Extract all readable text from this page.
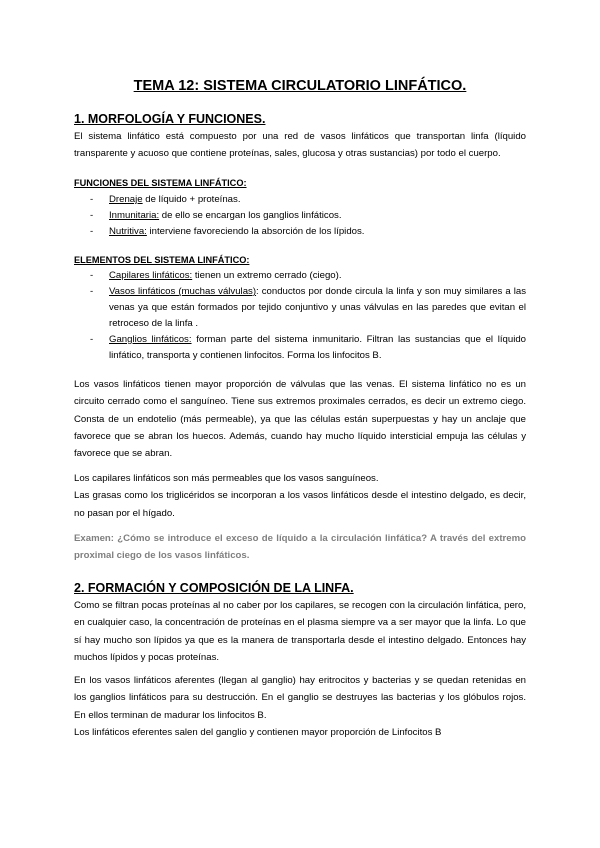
TEMA 12: SISTEMA CIRCULATORIO LINFÁTICO.
1. MORFOLOGÍA Y FUNCIONES.
El sistema linfático está compuesto por una red de vasos linfáticos que transportan linfa (líquido transparente y acuoso que contiene proteínas, sales, glucosa y otras sustancias) por todo el cuerpo.
FUNCIONES DEL SISTEMA LINFÁTICO:
- Drenaje de líquido + proteínas.
- Inmunitaria: de ello se encargan los ganglios linfáticos.
- Nutritiva: interviene favoreciendo la absorción de los lípidos.
ELEMENTOS DEL SISTEMA LINFÁTICO:
- Capilares linfáticos: tienen un extremo cerrado (ciego).
- Vasos linfáticos (muchas válvulas): conductos por donde circula la linfa y son muy similares a las venas ya que están formados por tejido conjuntivo y unas válvulas en las paredes que evitan el retroceso de la linfa .
- Ganglios linfáticos: forman parte del sistema inmunitario. Filtran las sustancias que el líquido linfático, transporta y contienen linfocitos. Forma los linfocitos B.
Los vasos linfáticos tienen mayor proporción de válvulas que las venas. El sistema linfático no es un circuito cerrado como el sanguíneo. Tiene sus extremos proximales cerrados, es decir un extremo ciego. Consta de un endotelio (más permeable), ya que las células están superpuestas y hay un anclaje que favorece que se abran los huecos. Además, cuando hay mucho líquido intersticial empuja las células y favorece que se abran.
Los capilares linfáticos son más permeables que los vasos sanguíneos.
Las grasas como los triglicéridos se incorporan a los vasos linfáticos desde el intestino delgado, es decir, no pasan por el hígado.
Examen: ¿Cómo se introduce el exceso de líquido a la circulación linfática? A través del extremo proximal ciego de los vasos linfáticos.
2. FORMACIÓN Y COMPOSICIÓN DE LA LINFA.
Como se filtran pocas proteínas al no caber por los capilares, se recogen con la circulación linfática, pero, en cualquier caso, la concentración de proteínas en el plasma siempre va a ser mayor que la linfa. Lo que sí hay mucho son lípidos ya que es la manera de transportarla desde el intestino delgado. Entonces hay muchos lípidos y pocas proteínas.
En los vasos linfáticos aferentes (llegan al ganglio) hay eritrocitos y bacterias y se quedan retenidas en los ganglios linfáticos para su destrucción. En el ganglio se destruyes las bacterias y los glóbulos rojos. En ellos terminan de madurar los linfocitos B.
Los linfáticos eferentes salen del ganglio y contienen mayor proporción de Linfocitos B
